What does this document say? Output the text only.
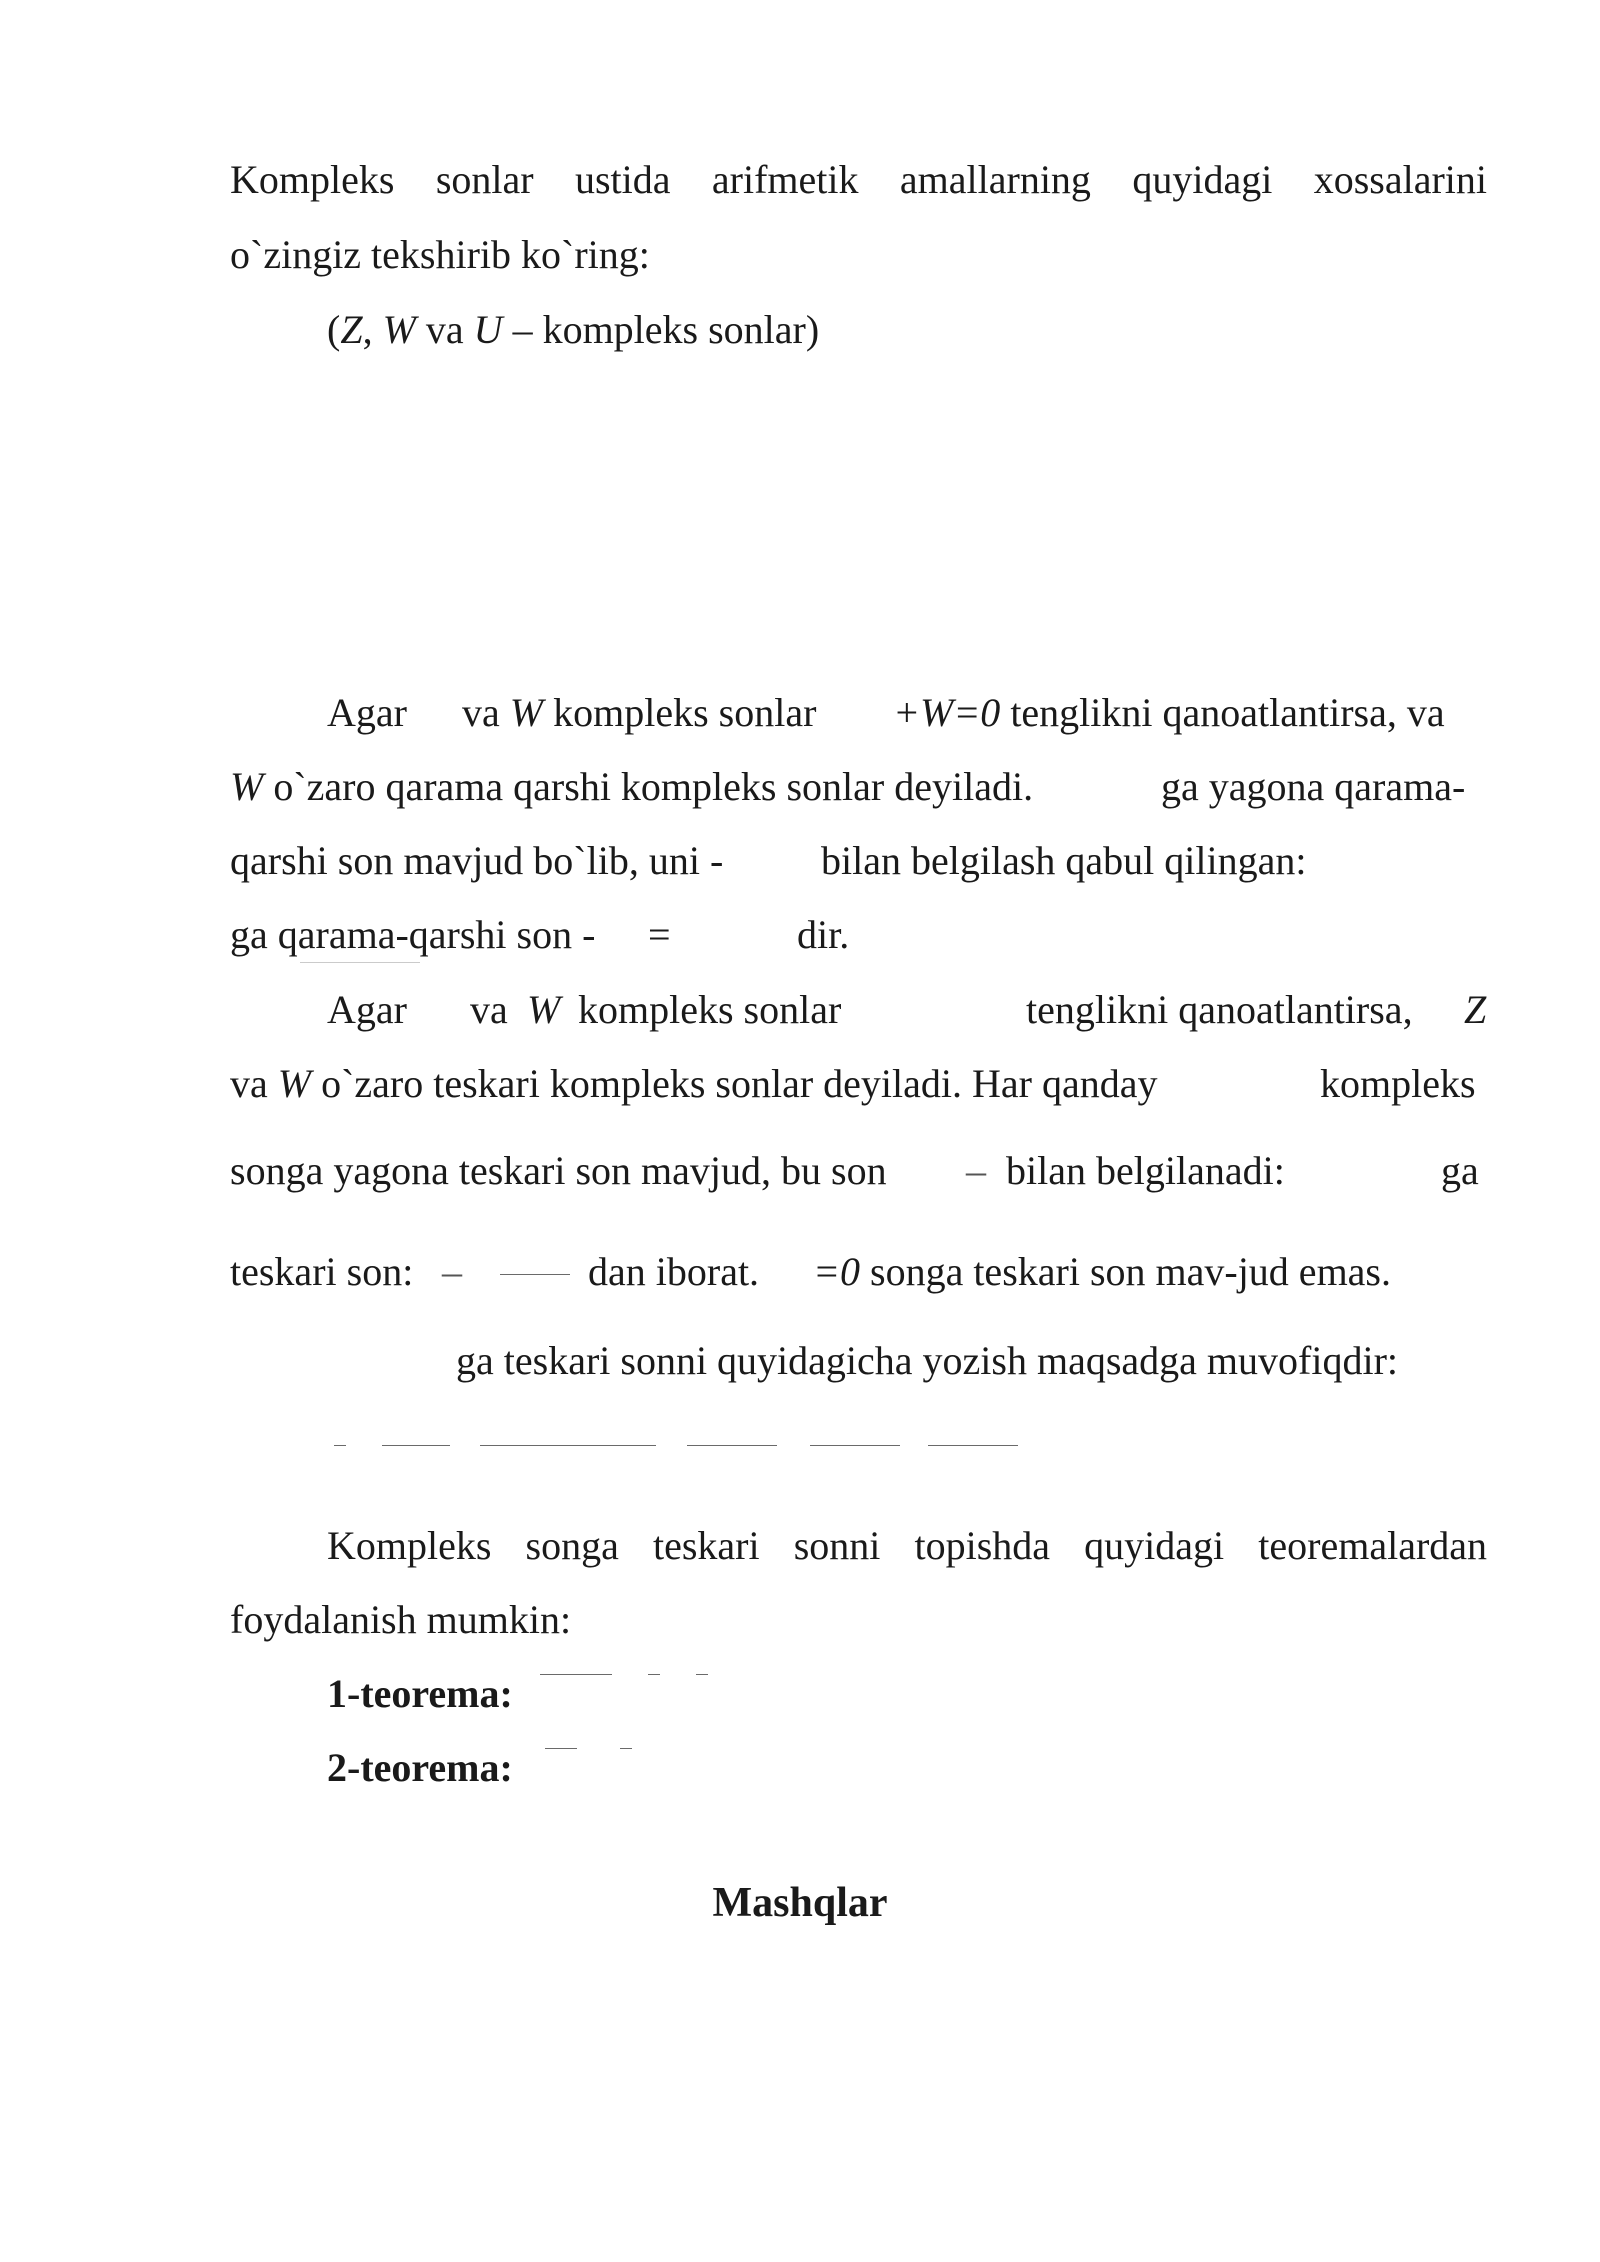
Kompleks sonlar ustida arifmetik amallarning quyidagi xossalarini
o`zingiz tekshirib ko`ring:
(Z, W va U – kompleks sonlar)
Agar va W kompleks sonlar +W=0 tenglikni qanoatlantirsa, va
W o`zaro qarama qarshi kompleks sonlar deyiladi.	ga yagona qarama-
qarshi son mavjud bo`lib, uni - bilan belgilash qabul qilingan:
ga qarama-qarshi son - =	dir.
Agar va W kompleks sonlar	tenglikni qanoatlantirsa, Z
va W o`zaro teskari kompleks sonlar deyiladi. Har qanday	kompleks
songa yagona teskari son mavjud, bu son – bilan belgilanadi:	ga
teskari son: –	dan iborat. =0 songa teskari son mav-jud emas.
ga teskari sonni quyidagicha yozish maqsadga muvofiqdir:
Kompleks songa teskari sonni topishda quyidagi teoremalardan
foydalanish mumkin:
1-teorema:
2-teorema:
Mashqlar
